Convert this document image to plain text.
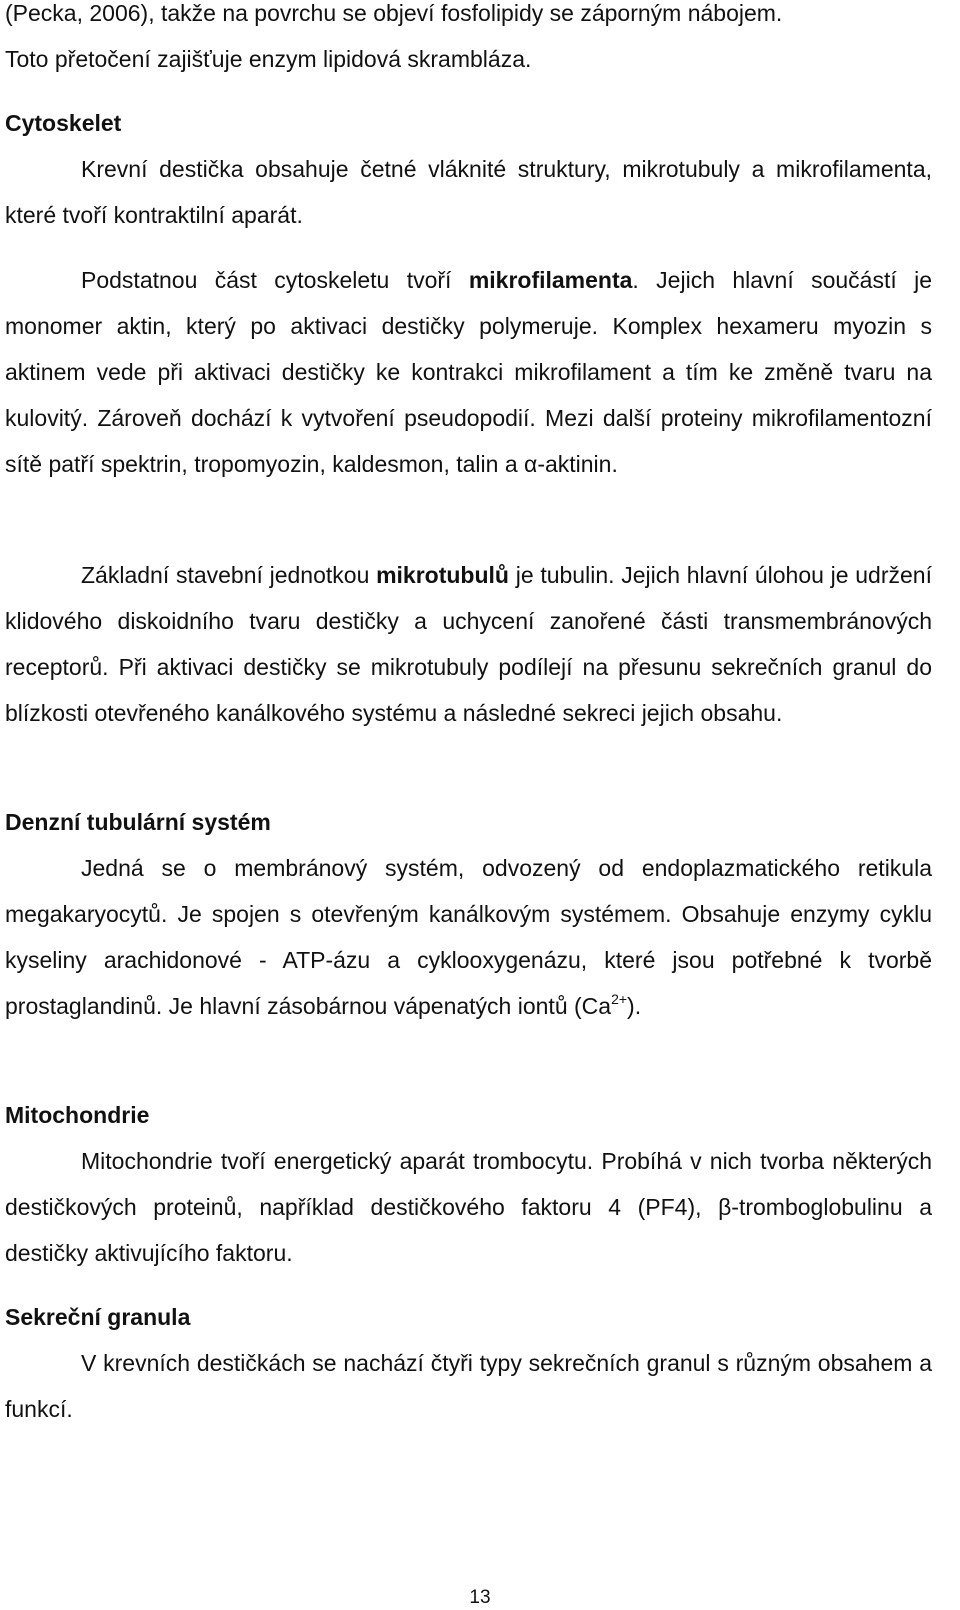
(Pecka, 2006), takže na povrchu se objeví fosfolipidy se záporným nábojem.
Toto přetočení zajišťuje enzym lipidová skrambláza.

Cytoskelet

Krevní destička obsahuje četné vláknité struktury, mikrotubuly a mikrofilamenta, které tvoří kontraktilní aparát.

Podstatnou část cytoskeletu tvoří mikrofilamenta. Jejich hlavní součástí je monomer aktin, který po aktivaci destičky polymeruje. Komplex hexameru myozin s aktinem vede při aktivaci destičky ke kontrakci mikrofilament a tím ke změně tvaru na kulovitý. Zároveň dochází k vytvoření pseudopodií. Mezi další proteiny mikrofilamentozní sítě patří spektrin, tropomyozin, kaldesmon, talin a α-aktinin.

Základní stavební jednotkou mikrotubulů je tubulin. Jejich hlavní úlohou je udržení klidového diskoidního tvaru destičky a uchycení zanořené části transmembránových receptorů. Při aktivaci destičky se mikrotubuly podílejí na přesunu sekrečních granul do blízkosti otevřeného kanálkového systému a následné sekreci jejich obsahu.

Denzní tubulární systém

Jedná se o membránový systém, odvozený od endoplazmatického retikula megakaryocytů. Je spojen s otevřeným kanálkovým systémem. Obsahuje enzymy cyklu kyseliny arachidonové - ATP-ázu a cyklooxygenázu, které jsou potřebné k tvorbě prostaglandinů. Je hlavní zásobárnou vápenatých iontů $(Ca^{2+})$.

Mitochondrie

Mitochondrie tvoří energetický aparát trombocytu. Probíhá v nich tvorba některých destičkových proteinů, například destičkového faktoru 4 (PF4), β-tromboglobulinu a destičky aktivujícího faktoru.

Sekreční granula

V krevních destičkách se nachází čtyři typy sekrečních granul s různým obsahem a funkcí.

13
